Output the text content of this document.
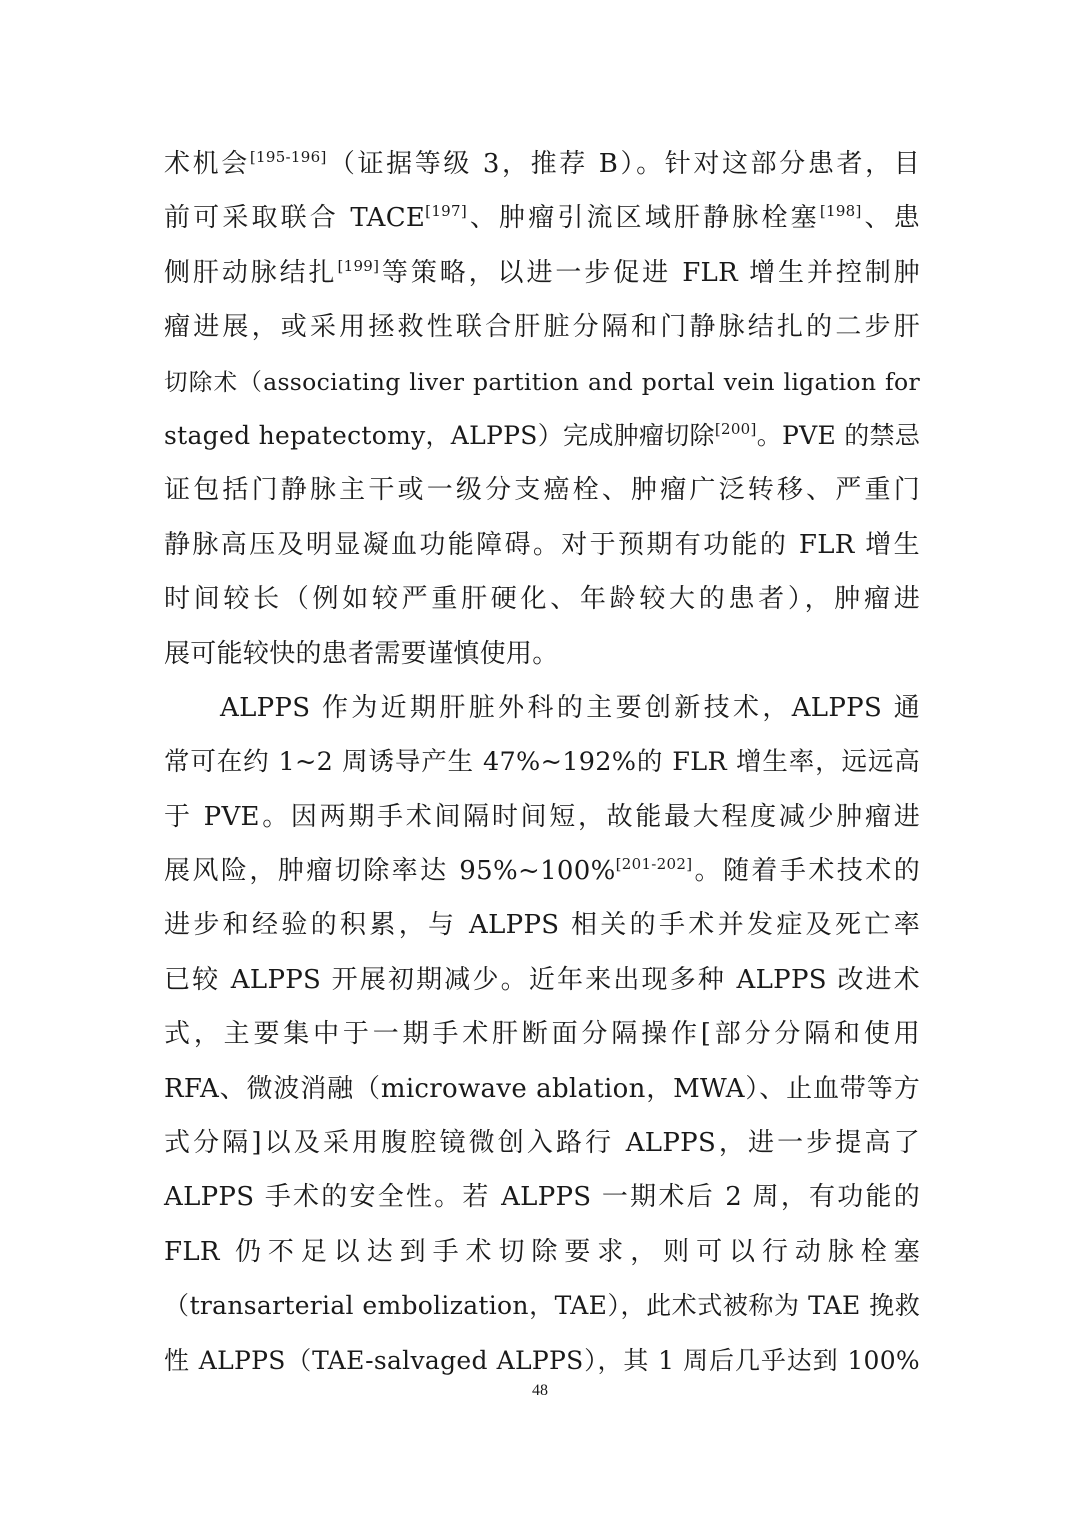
术机会[195-196]（证据等级 3，推荐 B）。针对这部分患者，目
前可采取联合 TACE[197]、肿瘤引流区域肝静脉栓塞[198]、患
侧肝动脉结扎[199]等策略，以进一步促进 FLR 增生并控制肿
瘤进展，或采用拯救性联合肝脏分隔和门静脉结扎的二步肝
切除术（associating liver partition and portal vein ligation for
staged hepatectomy，ALPPS）完成肿瘤切除[200]。PVE 的禁忌
证包括门静脉主干或一级分支癌栓、肿瘤广泛转移、严重门
静脉高压及明显凝血功能障碍。对于预期有功能的 FLR 增生
时间较长（例如较严重肝硬化、年龄较大的患者），肿瘤进
展可能较快的患者需要谨慎使用。
ALPPS 作为近期肝脏外科的主要创新技术，ALPPS 通
常可在约 1~2 周诱导产生 47%~192%的 FLR 增生率，远远高
于 PVE。因两期手术间隔时间短，故能最大程度减少肿瘤进
展风险，肿瘤切除率达 95%~100%[201-202]。随着手术技术的
进步和经验的积累，与 ALPPS 相关的手术并发症及死亡率
已较 ALPPS 开展初期减少。近年来出现多种 ALPPS 改进术
式，主要集中于一期手术肝断面分隔操作[部分分隔和使用
RFA、微波消融（microwave ablation，MWA）、止血带等方
式分隔]以及采用腹腔镜微创入路行 ALPPS，进一步提高了
ALPPS 手术的安全性。若 ALPPS 一期术后 2 周，有功能的
FLR 仍不足以达到手术切除要求，则可以行动脉栓塞
（transarterial embolization，TAE），此术式被称为 TAE 挽救
性 ALPPS（TAE-salvaged ALPPS），其 1 周后几乎达到 100%
48
